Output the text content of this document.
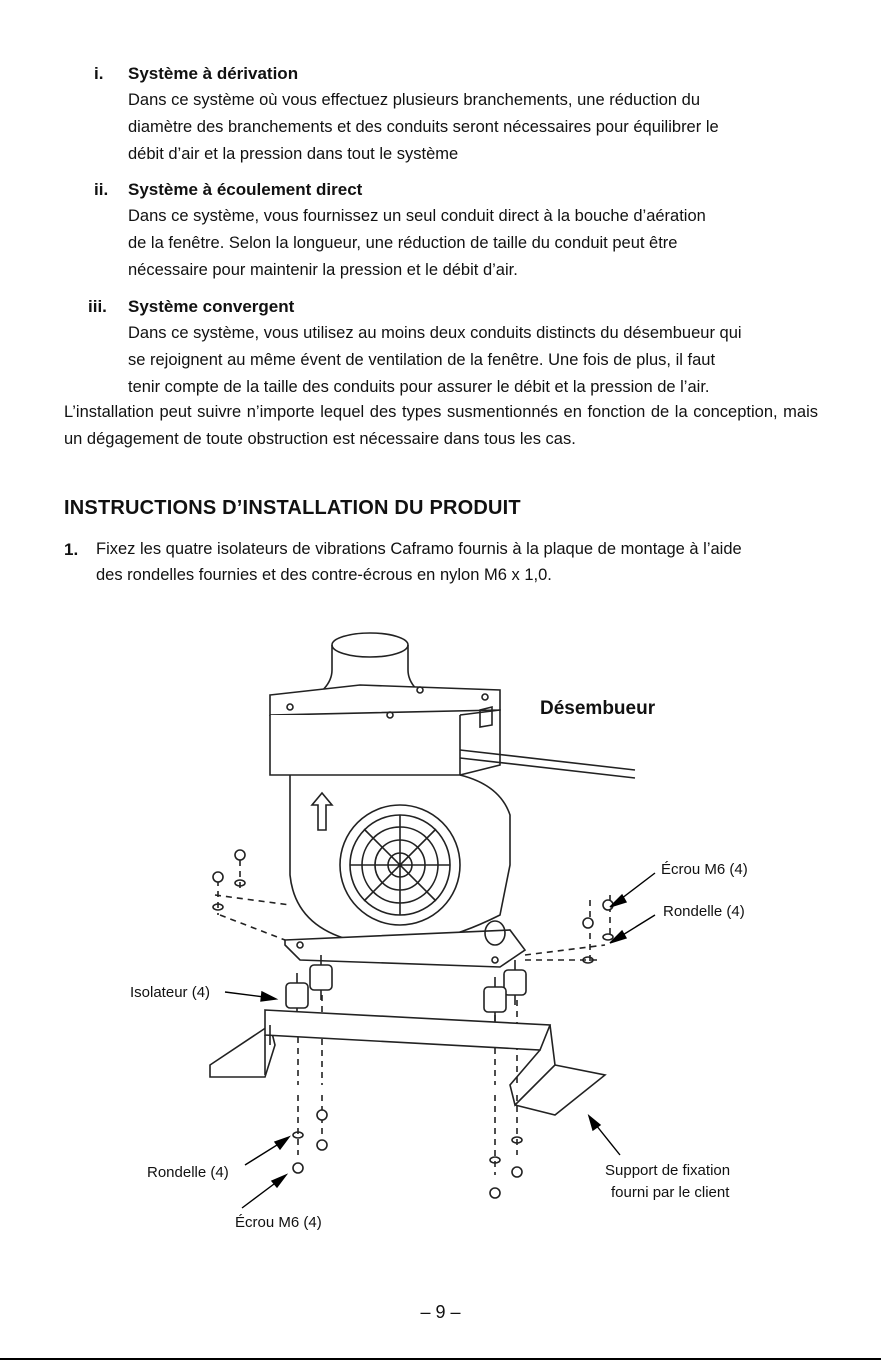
i. Système à dérivation
Dans ce système où vous effectuez plusieurs branchements, une réduction du
diamètre des branchements et des conduits seront nécessaires pour équilibrer le
débit d’air et la pression dans tout le système
ii. Système à écoulement direct
Dans ce système, vous fournissez un seul conduit direct à la bouche d’aération
de la fenêtre. Selon la longueur, une réduction de taille du conduit peut être
nécessaire pour maintenir la pression et le débit d’air.
iii. Système convergent
Dans ce système, vous utilisez au moins deux conduits distincts du désembueur qui
se rejoignent au même évent de ventilation de la fenêtre. Une fois de plus, il faut
tenir compte de la taille des conduits pour assurer le débit et la pression de l’air.

L’installation peut suivre n’importe lequel des types susmentionnés en fonction de la conception, mais un dégagement de toute obstruction est nécessaire dans tous les cas.

INSTRUCTIONS D’INSTALLATION DU PRODUIT
1. Fixez les quatre isolateurs de vibrations Caframo fournis à la plaque de montage à l’aide
des rondelles fournies et des contre-écrous en nylon M6 x 1,0.
Désembueur
Écrou M6 (4)
Rondelle (4)
Isolateur (4)
Rondelle (4)
Écrou M6 (4)
Support de fixation
fourni par le client
– 9 –
